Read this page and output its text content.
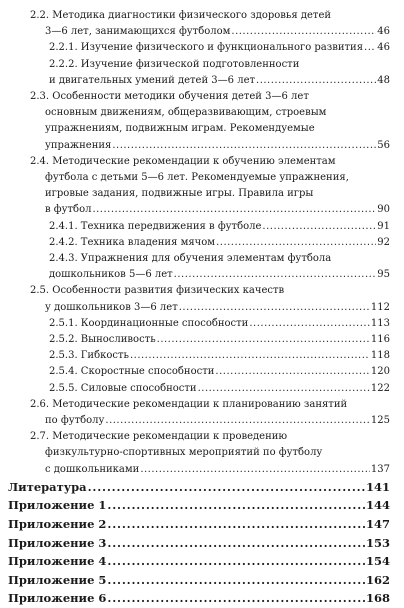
2.2. Методика диагностики физического здоровья детей
3—6 лет, занимающихся футболом .....	46
2.2.1. Изучение физического и функционального развития ..... 46
2.2.2. Изучение физической подготовленности
и двигательных умений детей 3—6 лет .....	48
2.3. Особенности методики обучения детей 3—6 лет
основным движениям, общеразвивающим, строевым
упражнениям, подвижным играм. Рекомендуемые
упражнения .....	56
2.4. Методические рекомендации к обучению элементам
футбола с детьми 5—6 лет. Рекомендуемые упражнения,
игровые задания, подвижные игры. Правила игры
в футбол .....	90
2.4.1. Техника передвижения в футболе .....	91
2.4.2. Техника владения мячом .....	92
2.4.3. Упражнения для обучения элементам футбола
дошкольников 5—6 лет .....	95
2.5. Особенности развития физических качеств
у дошкольников 3—6 лет .....	112
2.5.1. Координационные способности .....	113
2.5.2. Выносливость .....	116
2.5.3. Гибкость .....	118
2.5.4. Скоростные способности .....	120
2.5.5. Силовые способности .....	122
2.6. Методические рекомендации к планированию занятий
по футболу .....	125
2.7. Методические рекомендации к проведению
физкультурно-спортивных мероприятий по футболу
с дошкольниками .....	137
Литература .....	141
Приложение 1 .....	144
Приложение 2 .....	147
Приложение 3 .....	153
Приложение 4 .....	154
Приложение 5 .....	162
Приложение 6 .....	168
